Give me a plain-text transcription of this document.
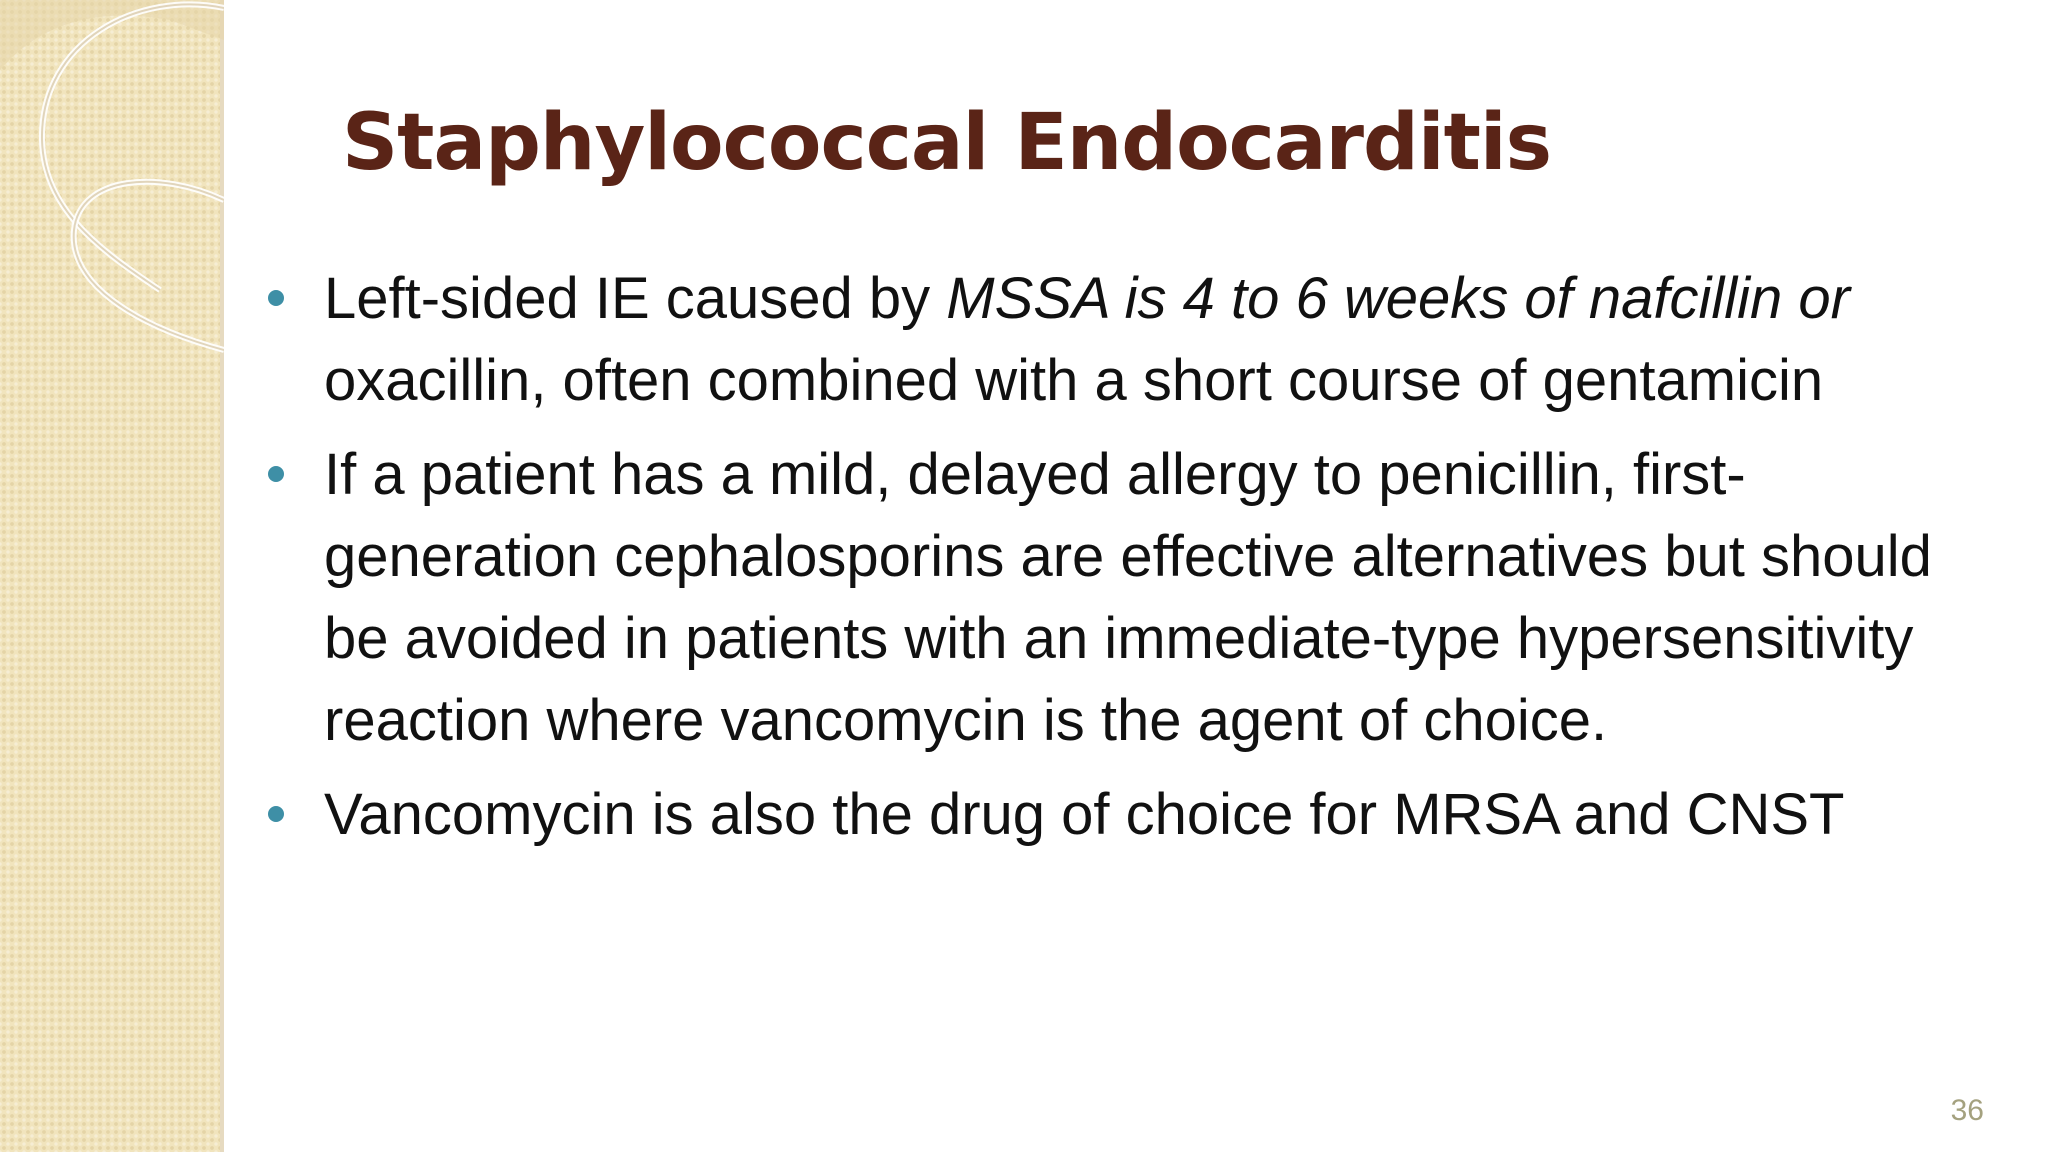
Staphylococcal Endocarditis
Left-sided IE caused by MSSA is 4 to 6 weeks of nafcillin or oxacillin, often combined with a short course of gentamicin
If a patient has a mild, delayed allergy to penicillin, first-generation cephalosporins are effective alternatives but should be avoided in patients with an immediate-type hypersensitivity reaction where vancomycin is the agent of choice.
Vancomycin is also the drug of choice for MRSA and CNST
36
